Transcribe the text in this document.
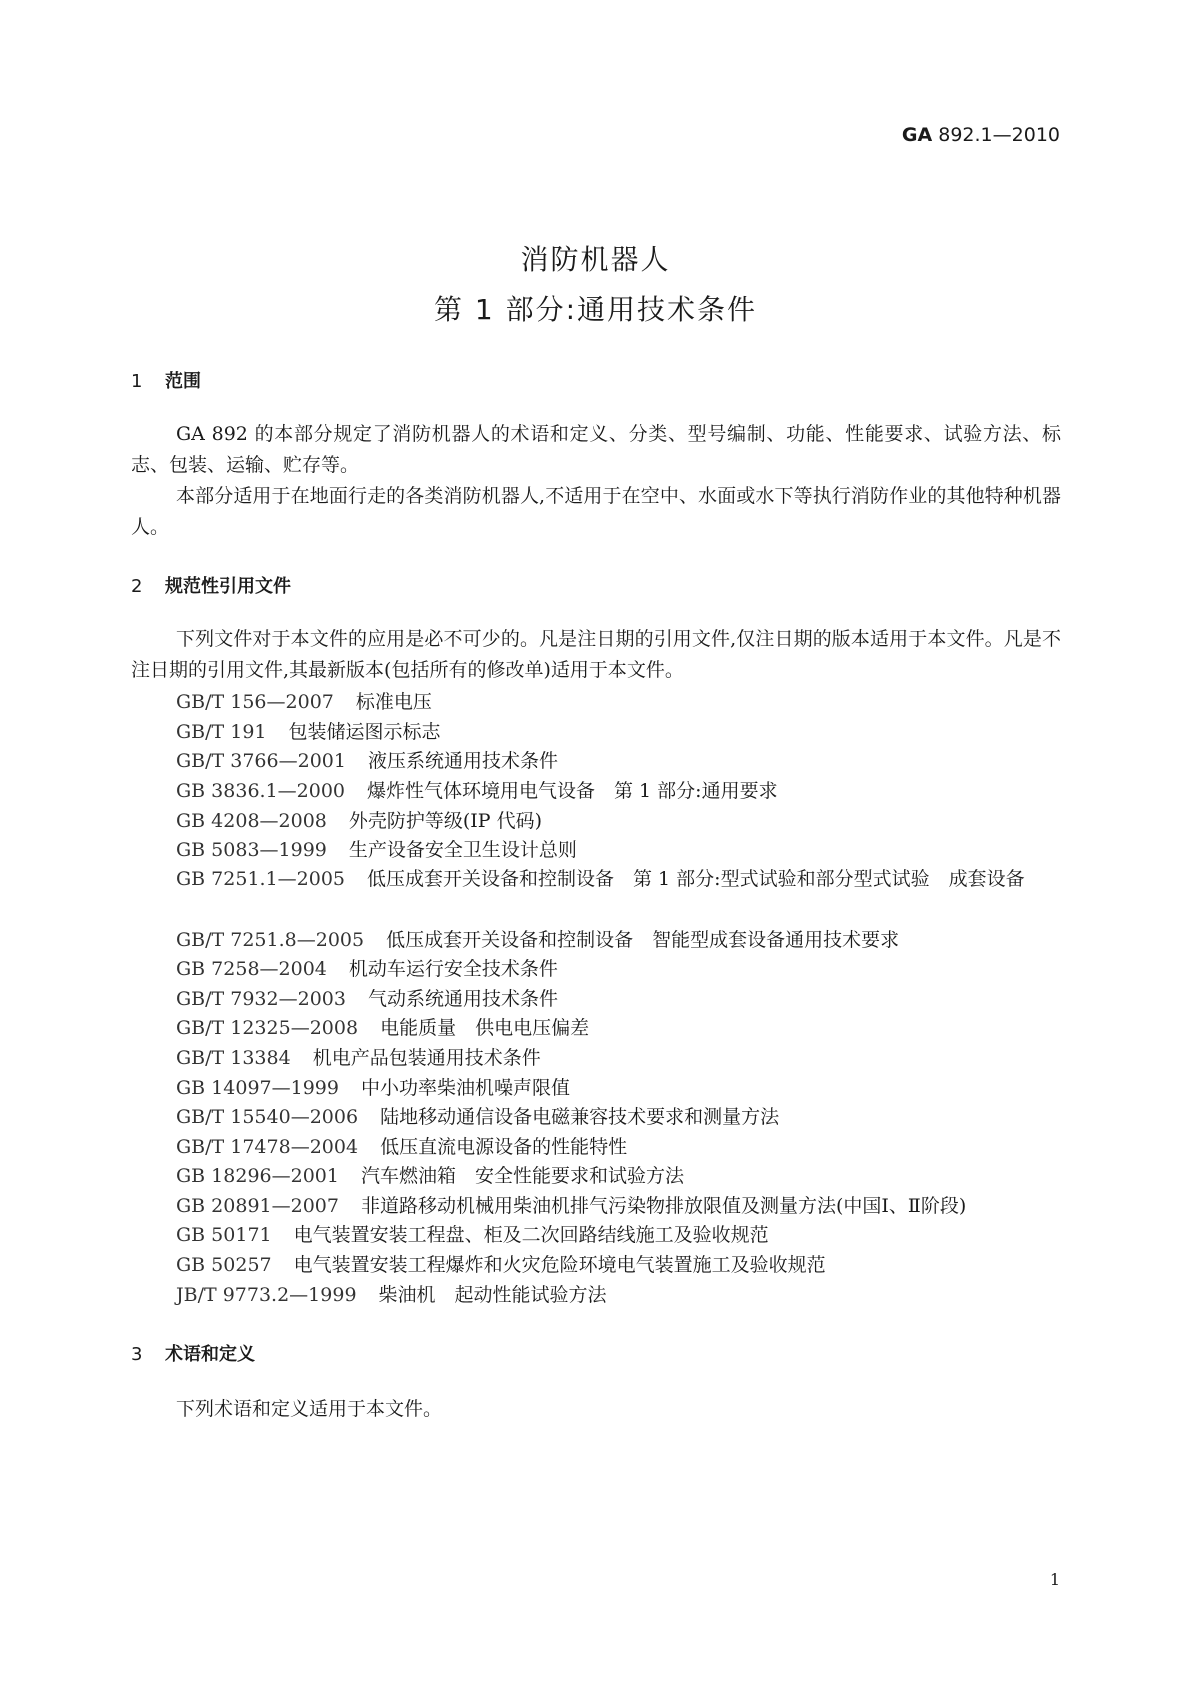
GA 892.1—2010
消防机器人
第 1 部分:通用技术条件
1 范围

GA 892 的本部分规定了消防机器人的术语和定义、分类、型号编制、功能、性能要求、试验方法、标志、包装、运输、贮存等。

本部分适用于在地面行走的各类消防机器人,不适用于在空中、水面或水下等执行消防作业的其他特种机器人。

2 规范性引用文件

下列文件对于本文件的应用是必不可少的。凡是注日期的引用文件,仅注日期的版本适用于本文件。凡是不注日期的引用文件,其最新版本(包括所有的修改单)适用于本文件。

GB/T 156—2007 标准电压
GB/T 191 包装储运图示标志
GB/T 3766—2001 液压系统通用技术条件
GB 3836.1—2000 爆炸性气体环境用电气设备　第 1 部分:通用要求
GB 4208—2008 外壳防护等级(IP 代码)
GB 5083—1999 生产设备安全卫生设计总则

GB 7251.1—2005 低压成套开关设备和控制设备　第 1 部分:型式试验和部分型式试验　成套设备

GB/T 7251.8—2005 低压成套开关设备和控制设备　智能型成套设备通用技术要求
GB 7258—2004 机动车运行安全技术条件
GB/T 7932—2003 气动系统通用技术条件
GB/T 12325—2008 电能质量　供电电压偏差
GB/T 13384 机电产品包装通用技术条件
GB 14097—1999 中小功率柴油机噪声限值
GB/T 15540—2006 陆地移动通信设备电磁兼容技术要求和测量方法
GB/T 17478—2004 低压直流电源设备的性能特性
GB 18296—2001 汽车燃油箱　安全性能要求和试验方法
GB 20891—2007 非道路移动机械用柴油机排气污染物排放限值及测量方法(中国Ⅰ、Ⅱ阶段)
GB 50171 电气装置安装工程盘、柜及二次回路结线施工及验收规范
GB 50257 电气装置安装工程爆炸和火灾危险环境电气装置施工及验收规范
JB/T 9773.2—1999 柴油机　起动性能试验方法
3 术语和定义

下列术语和定义适用于本文件。

1
